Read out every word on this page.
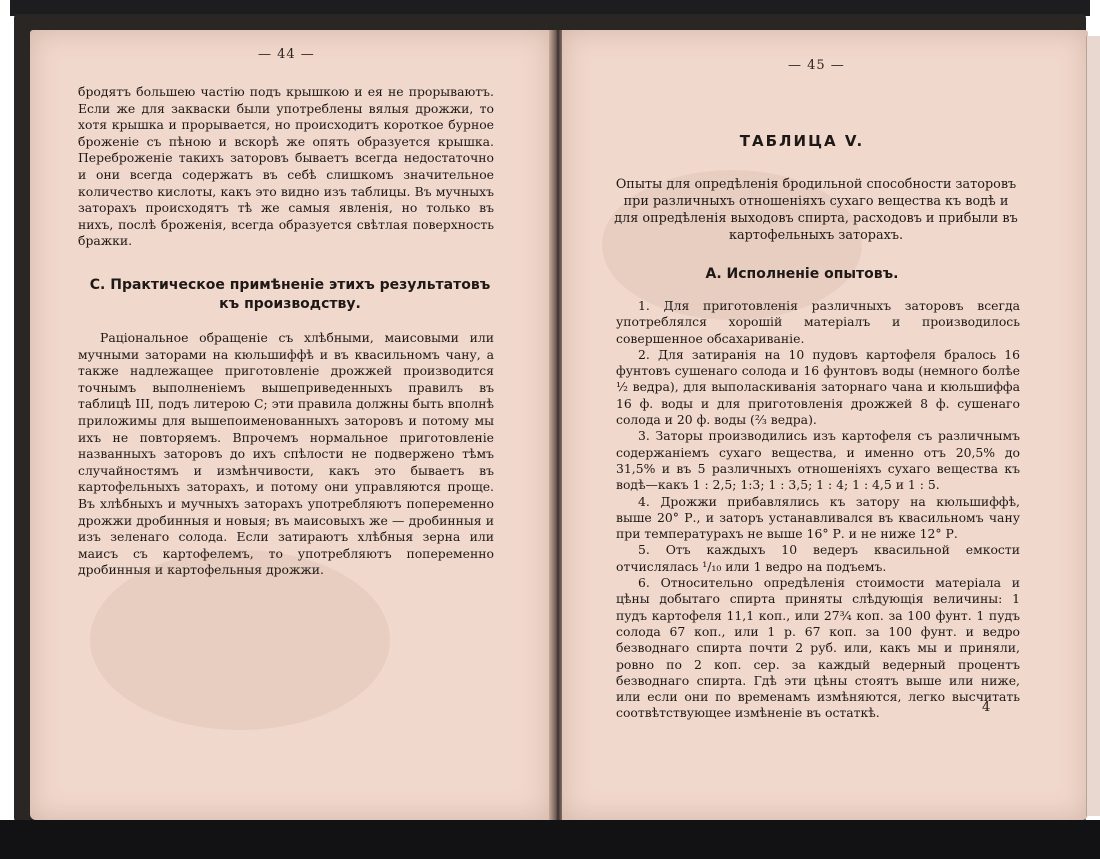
— 44 —

бродятъ большею частiю подъ крышкою и ея не прорываютъ. Если же для закваски были употреблены вялыя дрожжи, то хотя крышка и прорывается, но происходитъ короткое бурное броженіе съ пѣною и вскорѣ же опять образуется крышка. Переброженіе такихъ заторовъ бываетъ всегда недостаточно и они всегда содержатъ въ себѣ слишкомъ значительное количество кислоты, какъ это видно изъ таблицы. Въ мучныхъ заторахъ происходятъ тѣ же самыя явленія, но только въ нихъ, послѣ броженія, всегда образуется свѣтлая поверхность бражки.

С. Практическое примѣненіе этихъ результатовъ
къ производству.

Раціональное обращеніе съ хлѣбными, маисовыми или мучными заторами на кюльшиффѣ и въ квасильномъ чану, а также надлежащее приготовленіе дрожжей производится точнымъ выполненіемъ вышеприведенныхъ правилъ въ таблицѣ III, подъ литерою С; эти правила должны быть вполнѣ приложимы для вышепоименованныхъ заторовъ и потому мы ихъ не повторяемъ. Впрочемъ нормальное приготовленіе названныхъ заторовъ до ихъ спѣлости не подвержено тѣмъ случайностямъ и измѣнчивости, какъ это бываетъ въ картофельныхъ заторахъ, и потому они управляются проще. Въ хлѣбныхъ и мучныхъ заторахъ употребляютъ попеременно дрожжи дробинныя и новыя; въ маисовыхъ же — дробинныя и изъ зеленаго солода. Если затираютъ хлѣбныя зерна или маисъ съ картофелемъ, то употребляютъ попеременно дробинныя и картофельныя дрожжи.

— 45 —
ТАБЛИЦА V.
Опыты для опредѣленія бродильной способности заторовъ при различныхъ отношеніяхъ сухаго вещества къ водѣ и для опредѣленія выходовъ спирта, расходовъ и прибыли въ картофельныхъ заторахъ.
А. Исполненіе опытовъ.

1. Для приготовленія различныхъ заторовъ всегда употреблялся хорошій матеріалъ и производилось совершенное обсахариваніе.

2. Для затиранія на 10 пудовъ картофеля бралось 16 фунтовъ сушенаго солода и 16 фунтовъ воды (немного болѣе ½ ведра), для выполаскиванія заторнаго чана и кюльшиффа 16 ф. воды и для приготовленія дрожжей 8 ф. сушенаго солода и 20 ф. воды (⅔ ведра).

3. Заторы производились изъ картофеля съ различнымъ содержаніемъ сухаго вещества, и именно отъ 20,5% до 31,5% и въ 5 различныхъ отношеніяхъ сухаго вещества къ водѣ—какъ 1 : 2,5; 1:3; 1 : 3,5; 1 : 4; 1 : 4,5 и 1 : 5.

4. Дрожжи прибавлялись къ затору на кюльшиффѣ, выше 20° Р., и заторъ устанавливался въ квасильномъ чану при температурахъ не выше 16° Р. и не ниже 12° Р.

5. Отъ каждыхъ 10 ведеръ квасильной емкости отчислялась ¹/₁₀ или 1 ведро на подъемъ.

6. Относительно опредѣленія стоимости матеріала и цѣны добытаго спирта приняты слѣдующія величины: 1 пудъ картофеля 11,1 коп., или 27¾ коп. за 100 фунт. 1 пудъ солода 67 коп., или 1 р. 67 коп. за 100 фунт. и ведро безводнаго спирта почти 2 руб. или, какъ мы и приняли, ровно по 2 коп. сер. за каждый ведерный процентъ безводнаго спирта. Гдѣ эти цѣны стоятъ выше или ниже, или если они по временамъ измѣняются, легко высчитать соотвѣтствующее измѣненіе въ остаткѣ.	4
